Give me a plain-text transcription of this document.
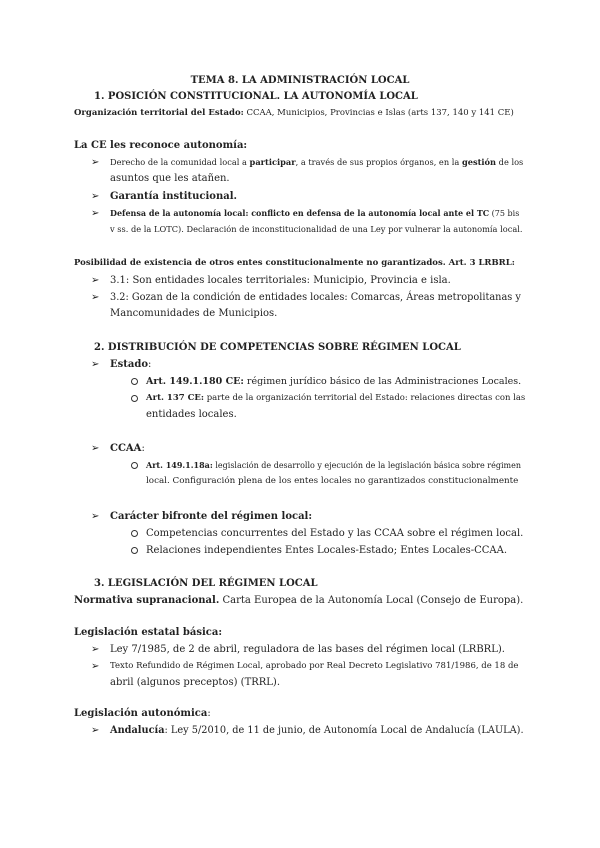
TEMA 8. LA ADMINISTRACIÓN LOCAL
1. POSICIÓN CONSTITUCIONAL. LA AUTONOMÍA LOCAL
Organización territorial del Estado: CCAA, Municipios, Provincias e Islas (arts 137, 140 y 141 CE)
La CE les reconoce autonomía:
➢ Derecho de la comunidad local a participar, a través de sus propios órganos, en la gestión de los
asuntos que les atañen.
➢ Garantía institucional.
➢ Defensa de la autonomía local: conflicto en defensa de la autonomía local ante el TC (75 bis
v ss. de la LOTC). Declaración de inconstitucionalidad de una Ley por vulnerar la autonomía local.
Posibilidad de existencia de otros entes constitucionalmente no garantizados. Art. 3 LRBRL:
➢ 3.1: Son entidades locales territoriales: Municipio, Provincia e isla.
➢ 3.2: Gozan de la condición de entidades locales: Comarcas, Áreas metropolitanas y
Mancomunidades de Municipios.
2. DISTRIBUCIÓN DE COMPETENCIAS SOBRE RÉGIMEN LOCAL
➢ Estado:
Art. 149.1.180 CE: régimen jurídico básico de las Administraciones Locales.
Art. 137 CE: parte de la organización territorial del Estado: relaciones directas con las
entidades locales.
➢ CCAA:
Art. 149.1.18a: legislación de desarrollo y ejecución de la legislación básica sobre régimen
local. Configuración plena de los entes locales no garantizados constitucionalmente
➢ Carácter bifronte del régimen local:
Competencias concurrentes del Estado y las CCAA sobre el régimen local.
Relaciones independientes Entes Locales-Estado; Entes Locales-CCAA.
3. LEGISLACIÓN DEL RÉGIMEN LOCAL
Normativa supranacional. Carta Europea de la Autonomía Local (Consejo de Europa).
Legislación estatal básica:
➢ Ley 7/1985, de 2 de abril, reguladora de las bases del régimen local (LRBRL).
➢ Texto Refundido de Régimen Local, aprobado por Real Decreto Legislativo 781/1986, de 18 de
abril (algunos preceptos) (TRRL).
Legislación autonómica:
➢ Andalucía: Ley 5/2010, de 11 de junio, de Autonomía Local de Andalucía (LAULA).
